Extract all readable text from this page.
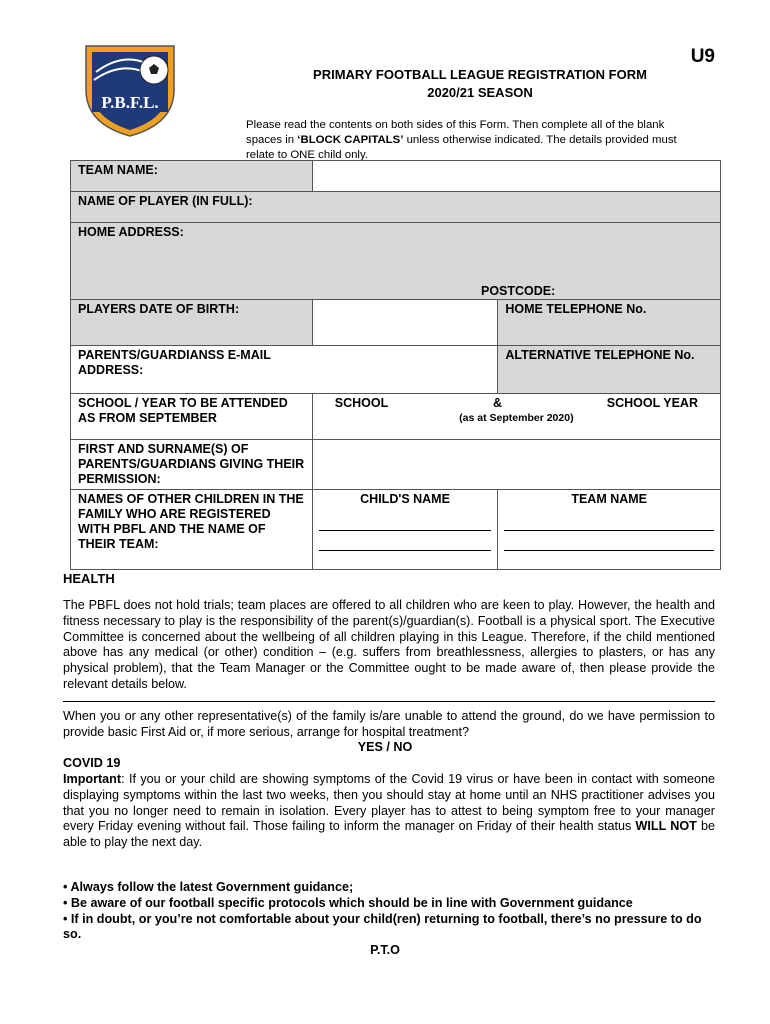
P.B.F.L.
U9
PRIMARY FOOTBALL LEAGUE REGISTRATION FORM
2020/21 SEASON
Please read the contents on both sides of this Form. Then complete all of the blank spaces in ‘BLOCK CAPITALS’ unless otherwise indicated. The details provided must relate to ONE child only.
TEAM NAME:		
NAME OF PLAYER (IN FULL):		
HOME ADDRESS:
POSTCODE:		

PLAYERS DATE OF BIRTH:		HOME TELEPHONE No.

PARENTS/GUARDIANSS E-MAIL ADDRESS:		ALTERNATIVE TELEPHONE No.
SCHOOL / YEAR TO BE ATTENDED AS FROM SEPTEMBER	SCHOOL & SCHOOL YEAR
(as at September 2020)	

FIRST AND SURNAME(S) OF PARENTS/GUARDIANS GIVING THEIR PERMISSION:		
NAMES OF OTHER CHILDREN IN THE FAMILY WHO ARE REGISTERED WITH PBFL AND THE NAME OF THEIR TEAM:	CHILD'S NAME	TEAM NAME
HEALTH
The PBFL does not hold trials; team places are offered to all children who are keen to play. However, the health and fitness necessary to play is the responsibility of the parent(s)/guardian(s). Football is a physical sport. The Executive Committee is concerned about the wellbeing of all children playing in this League. Therefore, if the child mentioned above has any medical (or other) condition – (e.g. suffers from breathlessness, allergies to plasters, or has any physical problem), that the Team Manager or the Committee ought to be made aware of, then please provide the relevant details below.
When you or any other representative(s) of the family is/are unable to attend the ground, do we have permission to provide basic First Aid or, if more serious, arrange for hospital treatment?
YES / NO
COVID 19
Important: If you or your child are showing symptoms of the Covid 19 virus or have been in contact with someone displaying symptoms within the last two weeks, then you should stay at home until an NHS practitioner advises you that you no longer need to remain in isolation. Every player has to attest to being symptom free to your manager every Friday evening without fail. Those failing to inform the manager on Friday of their health status WILL NOT be able to play the next day.
• Always follow the latest Government guidance;
• Be aware of our football specific protocols which should be in line with Government guidance
• If in doubt, or you’re not comfortable about your child(ren) returning to football, there’s no pressure to do so.
P.T.O
